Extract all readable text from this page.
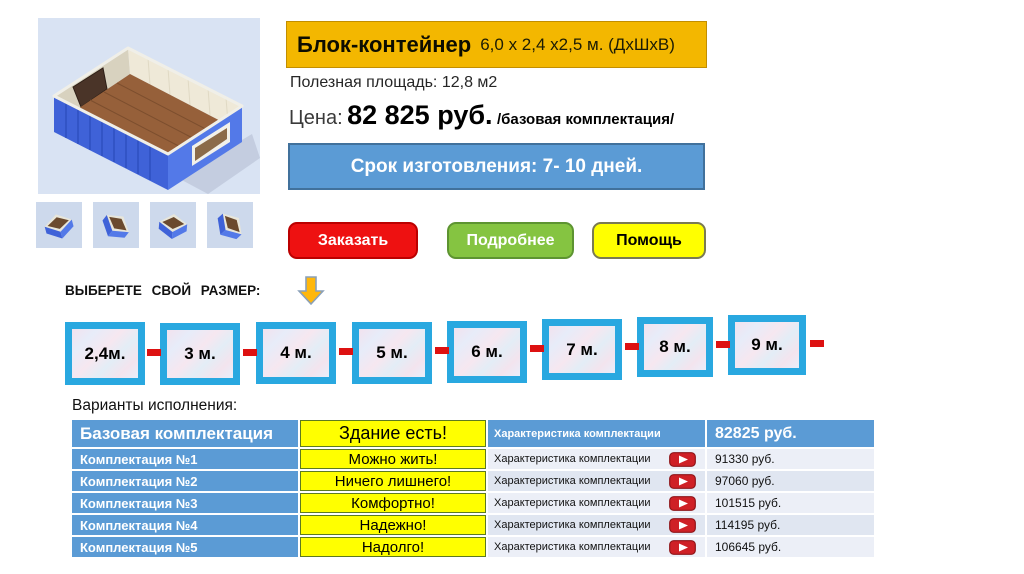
Блок-контейнер 6,0 х 2,4 х2,5 м. (ДхШхВ)
Полезная площадь: 12,8 м2
Цена: 82 825 руб. /базовая комплектация/
Срок изготовления: 7- 10 дней.
Заказать	Подробнее	Помощь
ВЫБЕРЕТЕ СВОЙ РАЗМЕР:
2,4м.	3 м.	4 м.	5 м.	6 м.	7 м.	8 м.	9 м.
Варианты исполнения:
Базовая комплектация	Здание есть!	Характеристика комплектации	82825 руб.
Комплектация №1	Можно жить!	Характеристика комплектации	91330 руб.
Комплектация №2	Ничего лишнего!	Характеристика комплектации	97060 руб.
Комплектация №3	Комфортно!	Характеристика комплектации	101515 руб.
Комплектация №4	Надежно!	Характеристика комплектации	114195 руб.
Комплектация №5	Надолго!	Характеристика комплектации	106645 руб.
